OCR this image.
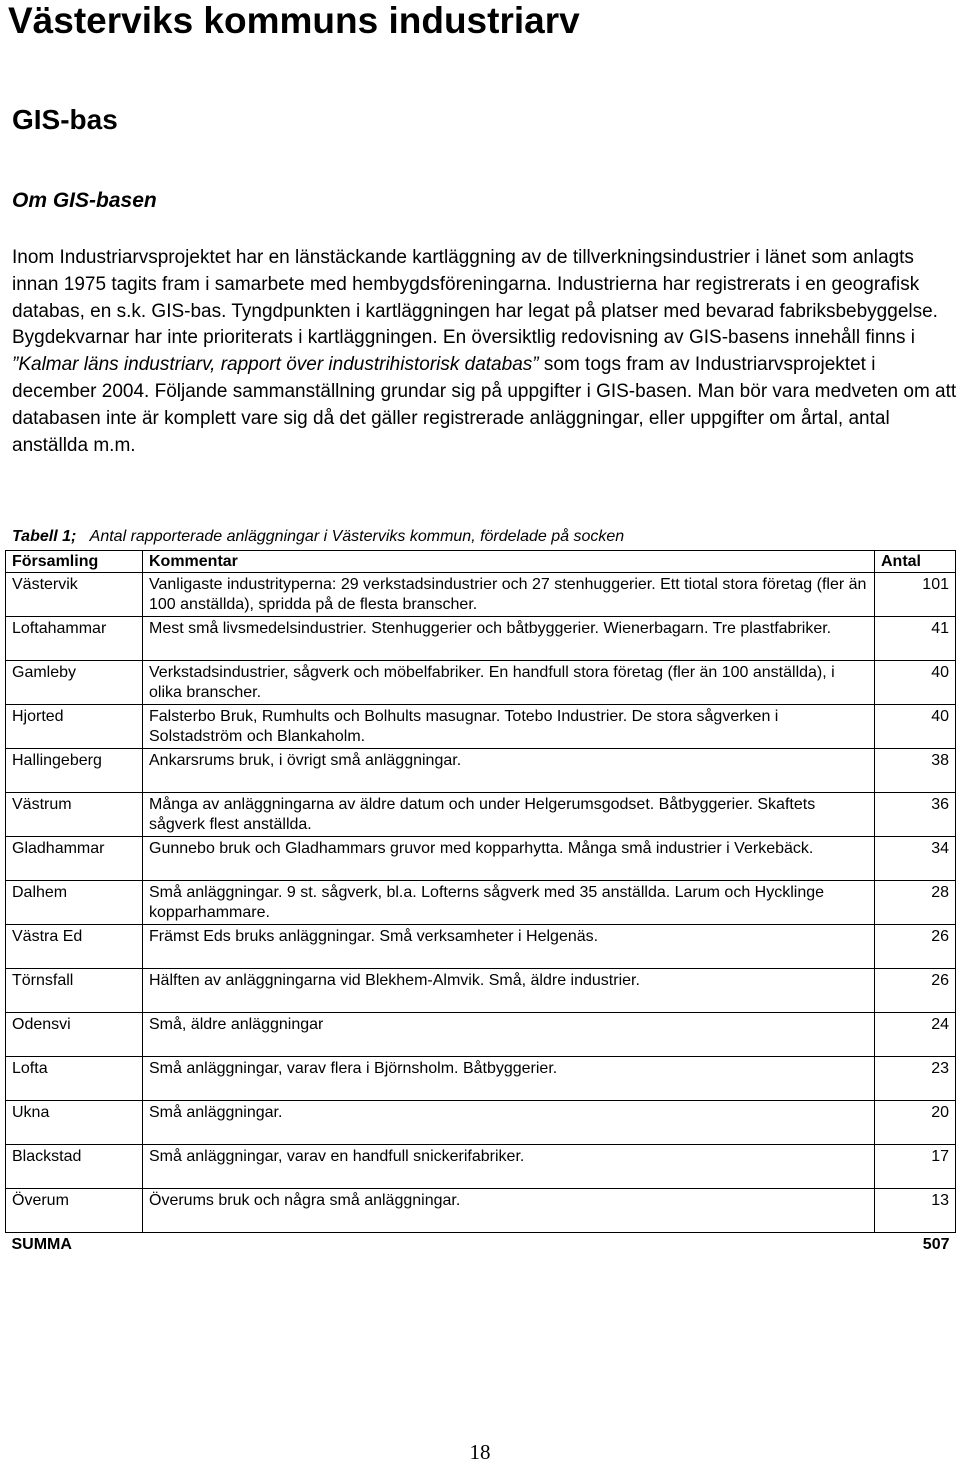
Västerviks kommuns industriarv
GIS-bas
Om GIS-basen

Inom Industriarvsprojektet har en länstäckande kartläggning av de tillverkningsindustrier i länet som anlagts innan 1975 tagits fram i samarbete med hembygdsföreningarna. Industrierna har registrerats i en geografisk databas, en s.k. GIS-bas. Tyngdpunkten i kartläggningen har legat på platser med bevarad fabriksbebyggelse. Bygdekvarnar har inte prioriterats i kartläggningen. En översiktlig redovisning av GIS-basens innehåll finns i ”Kalmar läns industriarv, rapport över industrihistorisk databas” som togs fram av Industriarvsprojektet i december 2004. Följande sammanställning grundar sig på uppgifter i GIS-basen. Man bör vara medveten om att databasen inte är komplett vare sig då det gäller registrerade anläggningar, eller uppgifter om årtal, antal anställda m.m.

Tabell 1; Antal rapporterade anläggningar i Västerviks kommun, fördelade på socken

Församling	Kommentar	Antal
Västervik	Vanligaste industrityperna: 29 verkstadsindustrier och 27 stenhuggerier. Ett tiotal stora företag (fler än 100 anställda), spridda på de flesta branscher.	101
Loftahammar	Mest små livsmedelsindustrier. Stenhuggerier och båtbyggerier. Wienerbagarn. Tre plastfabriker.	41
Gamleby	Verkstadsindustrier, sågverk och möbelfabriker. En handfull stora företag (fler än 100 anställda), i olika branscher.	40
Hjorted	Falsterbo Bruk, Rumhults och Bolhults masugnar. Totebo Industrier. De stora sågverken i Solstadström och Blankaholm.	40
Hallingeberg	Ankarsrums bruk, i övrigt små anläggningar.	38
Västrum	Många av anläggningarna av äldre datum och under Helgerumsgodset. Båtbyggerier. Skaftets sågverk flest anställda.	36
Gladhammar	Gunnebo bruk och Gladhammars gruvor med kopparhytta. Många små industrier i Verkebäck.	34
Dalhem	Små anläggningar. 9 st. sågverk, bl.a. Lofterns sågverk med 35 anställda. Larum och Hycklinge kopparhammare.	28
Västra Ed	Främst Eds bruks anläggningar. Små verksamheter i Helgenäs.	26
Törnsfall	Hälften av anläggningarna vid Blekhem-Almvik. Små, äldre industrier.	26
Odensvi	Små, äldre anläggningar	24
Lofta	Små anläggningar, varav flera i Björnsholm. Båtbyggerier.	23
Ukna	Små anläggningar.	20
Blackstad	Små anläggningar, varav en handfull snickerifabriker.	17
Överum	Överums bruk och några små anläggningar.	13
SUMMA		507

18
